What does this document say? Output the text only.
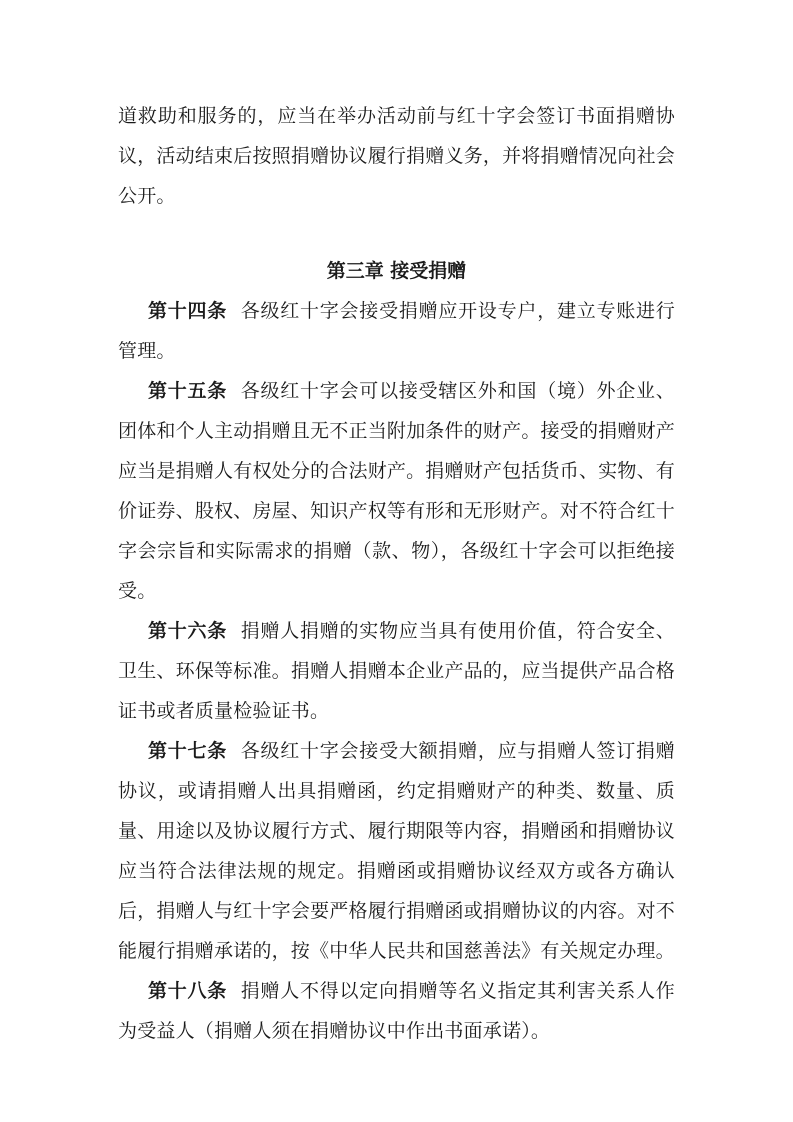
道救助和服务的，应当在举办活动前与红十字会签订书面捐赠协议，活动结束后按照捐赠协议履行捐赠义务，并将捐赠情况向社会公开。

第三章 接受捐赠

第十四条 各级红十字会接受捐赠应开设专户，建立专账进行管理。

第十五条 各级红十字会可以接受辖区外和国（境）外企业、团体和个人主动捐赠且无不正当附加条件的财产。接受的捐赠财产应当是捐赠人有权处分的合法财产。捐赠财产包括货币、实物、有价证券、股权、房屋、知识产权等有形和无形财产。对不符合红十字会宗旨和实际需求的捐赠（款、物），各级红十字会可以拒绝接受。

第十六条 捐赠人捐赠的实物应当具有使用价值，符合安全、卫生、环保等标准。捐赠人捐赠本企业产品的，应当提供产品合格证书或者质量检验证书。

第十七条 各级红十字会接受大额捐赠，应与捐赠人签订捐赠协议，或请捐赠人出具捐赠函，约定捐赠财产的种类、数量、质量、用途以及协议履行方式、履行期限等内容，捐赠函和捐赠协议应当符合法律法规的规定。捐赠函或捐赠协议经双方或各方确认后，捐赠人与红十字会要严格履行捐赠函或捐赠协议的内容。对不能履行捐赠承诺的，按《中华人民共和国慈善法》有关规定办理。

第十八条 捐赠人不得以定向捐赠等名义指定其利害关系人作为受益人（捐赠人须在捐赠协议中作出书面承诺）。
